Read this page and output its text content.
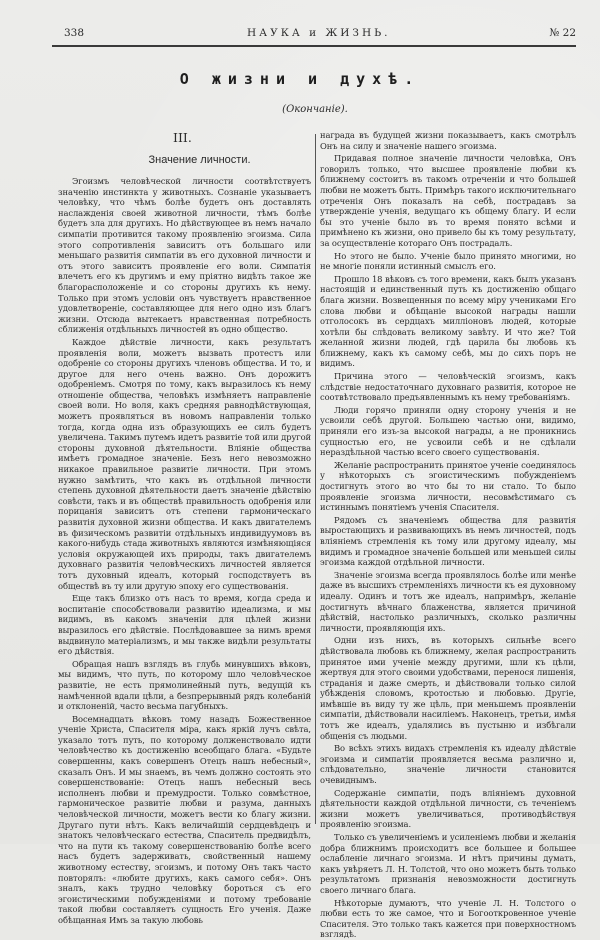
338	НАУКА и ЖИЗНЬ.	№ 22
О жизни и духѣ.
(Окончаніе).
III.
Значение личности.

Эгоизмъ человѣческой личности соотвѣтствуетъ значенію инстинкта у животныхъ. Сознаніе указываетъ человѣку, что чѣмъ болѣе будетъ онъ доставлять наслажденія своей животной личности, тѣмъ болѣе будетъ зла для другихъ. Но дѣйствующее въ немъ начало симпатіи противится такому проявленію эгоизма. Сила этого сопротивленія зависитъ отъ большаго или меньшаго развитія симпатіи въ его духовной личности и отъ этого зависитъ проявленіе его воли. Симпатія влечетъ его къ другимъ и ему пріятно видѣть такое же благорасположеніе и со стороны другихъ къ нему. Только при этомъ условіи онъ чувствуетъ нравственное удовлетвореніе, составляющее для него одно изъ благъ жизни. Отсюда вытекаетъ нравственная потребность сближенія отдѣльныхъ личностей въ одно общество.

Каждое дѣйствіе личности, какъ результатъ проявленія воли, можетъ вызвать протестъ или одобреніе со стороны другихъ членовъ общества. И то, и другое для него очень важно. Онъ дорожитъ одобреніемъ. Смотря по тому, какъ выразилось къ нему отношеніе общества, человѣкъ измѣняетъ направленіе своей воли. Но воля, какъ средняя равнодѣйствующая, можетъ проявляться въ новомъ направленіи только тогда, когда одна изъ образующихъ ее силъ будетъ увеличена. Такимъ путемъ идетъ развитіе той или другой стороны духовной дѣятельности. Вліяніе общества имѣетъ громадное значеніе. Безъ него невозможно никакое правильное развитіе личности. При этомъ нужно замѣтить, что какъ въ отдѣльной личности степень духовной дѣятельности даетъ значеніе дѣйствію совѣсти, такъ и въ обществѣ правильность одобренія или порицанія зависитъ отъ степени гармоническаго развитія духовной жизни общества. И какъ двигателемъ въ физическомъ развитіи отдѣльныхъ индивидуумовъ въ какого-нибудь стада животныхъ являются измѣняющіяся условія окружающей ихъ природы, такъ двигателемъ духовнаго развитія человѣческихъ личностей является тотъ духовный идеалъ, который господствуетъ въ обществѣ въ ту или другую эпоху его существованія.

Еще такъ близко отъ насъ то время, когда среда и воспитаніе способствовали развитію идеализма, и мы видимъ, въ какомъ значеніи для цѣлей жизни выразилось его дѣйствіе. Послѣдовавшее за нимъ время выдвинуло матеріализмъ, и мы также видѣли результаты его дѣйствія.

Обращая нашъ взглядъ въ глубь минувшихъ вѣковъ, мы видимъ, что путь, по которому шло человѣческое развитіе, не есть прямолинейный путь, ведущій къ намѣченной вдали цѣли, а безпрерывный рядъ колебаній и отклоненій, часто весьма пагубныхъ.

Восемнадцать вѣковъ тому назадъ Божественное ученіе Христа, Спасителя міра, какъ яркій лучъ свѣта, указало тотъ путь, по которому долженствовало идти человѣчество къ достиженію всеобщаго блага. «Будьте совершенны, какъ совершенъ Отецъ нашъ небесный», сказалъ Онъ. И мы знаемъ, въ чемъ должно состоять это совершенствованіе: Отецъ нашъ небесный весь исполненъ любви и премудрости. Только совмѣстное, гармоническое развитіе любви и разума, данныхъ человѣческой личности, можетъ вести ко благу жизни. Другаго пути нѣтъ. Какъ величайшій сердцевѣдецъ и знатокъ человѣческаго естества, Спаситель предвидѣлъ, что на пути къ такому совершенствованію болѣе всего насъ будетъ задерживать, свойственный нашему животному естеству, эгоизмъ, и потому Онъ такъ часто повторялъ: «любите другихъ, какъ самого себя». Онъ зналъ, какъ трудно человѣку бороться съ его эгоистическими побужденіями и потому требованіе такой любви составляетъ сущность Его ученія. Даже обѣщанная Имъ за такую любовь

награда въ будущей жизни показываетъ, какъ смотрѣлъ Онъ на силу и значеніе нашего эгоизма.

Придавая полное значеніе личности человѣка, Онъ говорилъ только, что высшее проявленіе любви къ ближнему состоитъ въ такомъ отреченіи и что большей любви не можетъ быть. Примѣръ такого исключительнаго отреченія Онъ показалъ на себѣ, пострадавъ за утвержденіе ученія, ведущаго къ общему благу. И если бы это ученіе было въ то время понято всѣми и примѣнено къ жизни, оно привело бы къ тому результату, за осуществленіе котораго Онъ пострадалъ.

Но этого не было. Ученіе было принято многими, но не многіе поняли истинный смыслъ его.

Прошло 18 вѣковъ съ того времени, какъ былъ указанъ настоящій и единственный путь къ достиженію общаго блага жизни. Возвещенныя по всему міру учениками Его слова любви и обѣщаніе высокой награды нашли отголосокъ въ сердцахъ милліоновъ людей, которые хотѣли бы слѣдовать великому завѣту. И что же? Той желанной жизни людей, гдѣ царила бы любовь къ ближнему, какъ къ самому себѣ, мы до сихъ поръ не видимъ.

Причина этого — человѣческій эгоизмъ, какъ слѣдствіе недостаточнаго духовнаго развитія, которое не соотвѣтствовало предъявленнымъ къ нему требованіямъ.

Люди горячо приняли одну сторону ученія и не усвоили себѣ другой. Большею частью они, видимо, приняли его изъ-за высокой награды, а не проникнись сущностью его, не усвоили себѣ и не сдѣлали нераздѣльной частью всего своего существованія.

Желаніе распространить принятое ученіе соединялось у нѣкоторыхъ съ эгоистическимъ побужденіемъ достигнуть этого во что бы то ни стало. То было проявленіе эгоизма личности, несовмѣстимаго съ истиннымъ понятіемъ ученія Спасителя.

Рядомъ съ значеніемъ общества для развитія выростающихъ и развивающихъ въ немъ личностей, подъ вліяніемъ стремленія къ тому или другому идеалу, мы видимъ и громадное значеніе большей или меньшей силы эгоизма каждой отдѣльной личности.

Значеніе эгоизма всегда проявлялось болѣе или менѣе даже въ высшихъ стремленіяхъ личности къ ея духовному идеалу. Одинъ и тотъ же идеалъ, напримѣръ, желаніе достигнуть вѣчнаго блаженства, является причиной дѣйствій, настолько различныхъ, сколько различны личности, проявляющія ихъ.

Одни изъ нихъ, въ которыхъ сильнѣе всего дѣйствовала любовь къ ближнему, желая распространить принятое ими ученіе между другими, шли къ цѣли, жертвуя для этого своими удобствами, перенося лишенія, страданія и даже смерть, и дѣйствовали только силой убѣжденія словомъ, кротостью и любовью. Другіе, имѣвшіе въ виду ту же цѣль, при меньшемъ проявленіи симпатіи, дѣйствовали насиліемъ. Наконецъ, третьи, имѣя тотъ же идеалъ, удалялись въ пустыню и избѣгали общенія съ людьми.

Во всѣхъ этихъ видахъ стремленія къ идеалу дѣйствіе эгоизма и симпатіи проявляется весьма различно и, слѣдовательно, значеніе личности становится очевиднымъ.

Содержаніе симпатіи, подъ вліяніемъ духовной дѣятельности каждой отдѣльной личности, съ теченіемъ жизни можетъ увеличиваться, противодѣйствуя проявленію эгоизма.

Только съ увеличеніемъ и усиленіемъ любви и желанія добра ближнимъ происходитъ все большее и большее ослабленіе личнаго эгоизма. И нѣтъ причины думать, какъ увѣряетъ Л. Н. Толстой, что оно можетъ быть только результатомъ признанія невозможности достигнуть своего личнаго блага.

Нѣкоторые думаютъ, что ученіе Л. Н. Толстого о любви есть то же самое, что и Богооткровенное ученіе Спасителя. Это только такъ кажется при поверхностномъ взглядѣ.
